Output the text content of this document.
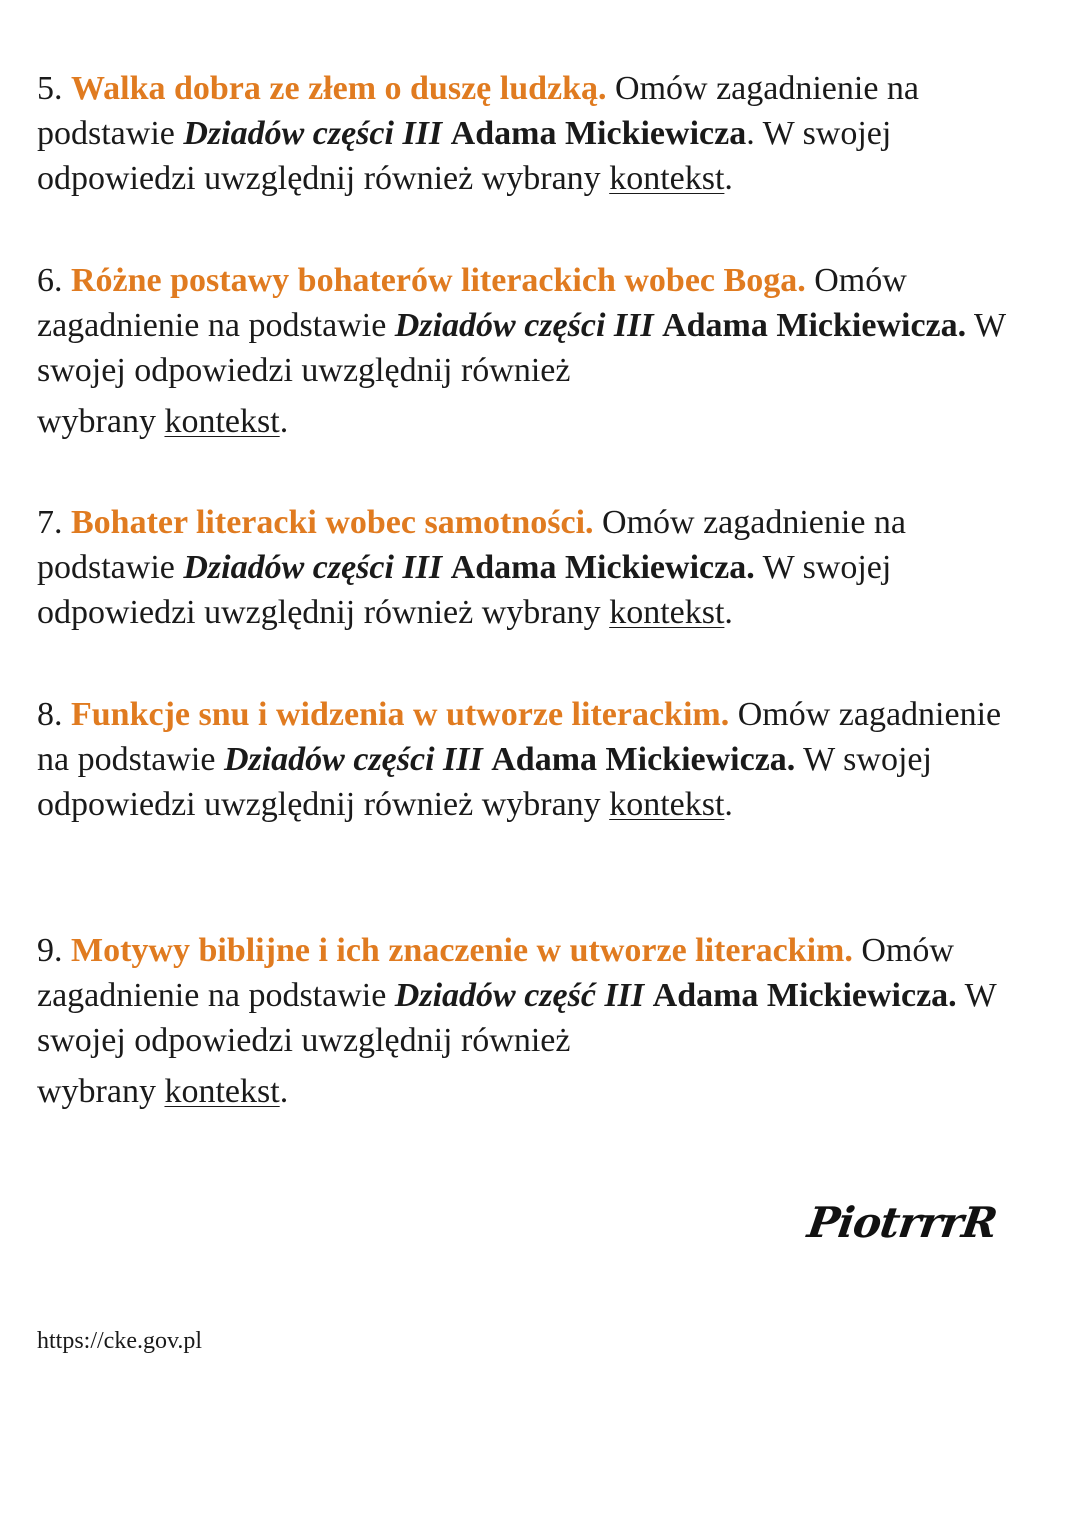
5. Walka dobra ze złem o duszę ludzką. Omów zagadnienie na podstawie Dziadów części III Adama Mickiewicza. W swojej odpowiedzi uwzględnij również wybrany kontekst.

6. Różne postawy bohaterów literackich wobec Boga. Omów zagadnienie na podstawie Dziadów części III Adama Mickiewicza. W swojej odpowiedzi uwzględnij również
wybrany kontekst.

7. Bohater literacki wobec samotności. Omów zagadnienie na podstawie Dziadów części III Adama Mickiewicza. W swojej odpowiedzi uwzględnij również wybrany kontekst.

8. Funkcje snu i widzenia w utworze literackim. Omów zagadnienie na podstawie Dziadów części III Adama Mickiewicza. W swojej odpowiedzi uwzględnij również wybrany kontekst.

9. Motywy biblijne i ich znaczenie w utworze literackim. Omów zagadnienie na podstawie Dziadów część III Adama Mickiewicza. W swojej odpowiedzi uwzględnij również
wybrany kontekst.

PiotrrrR
https://cke.gov.pl
